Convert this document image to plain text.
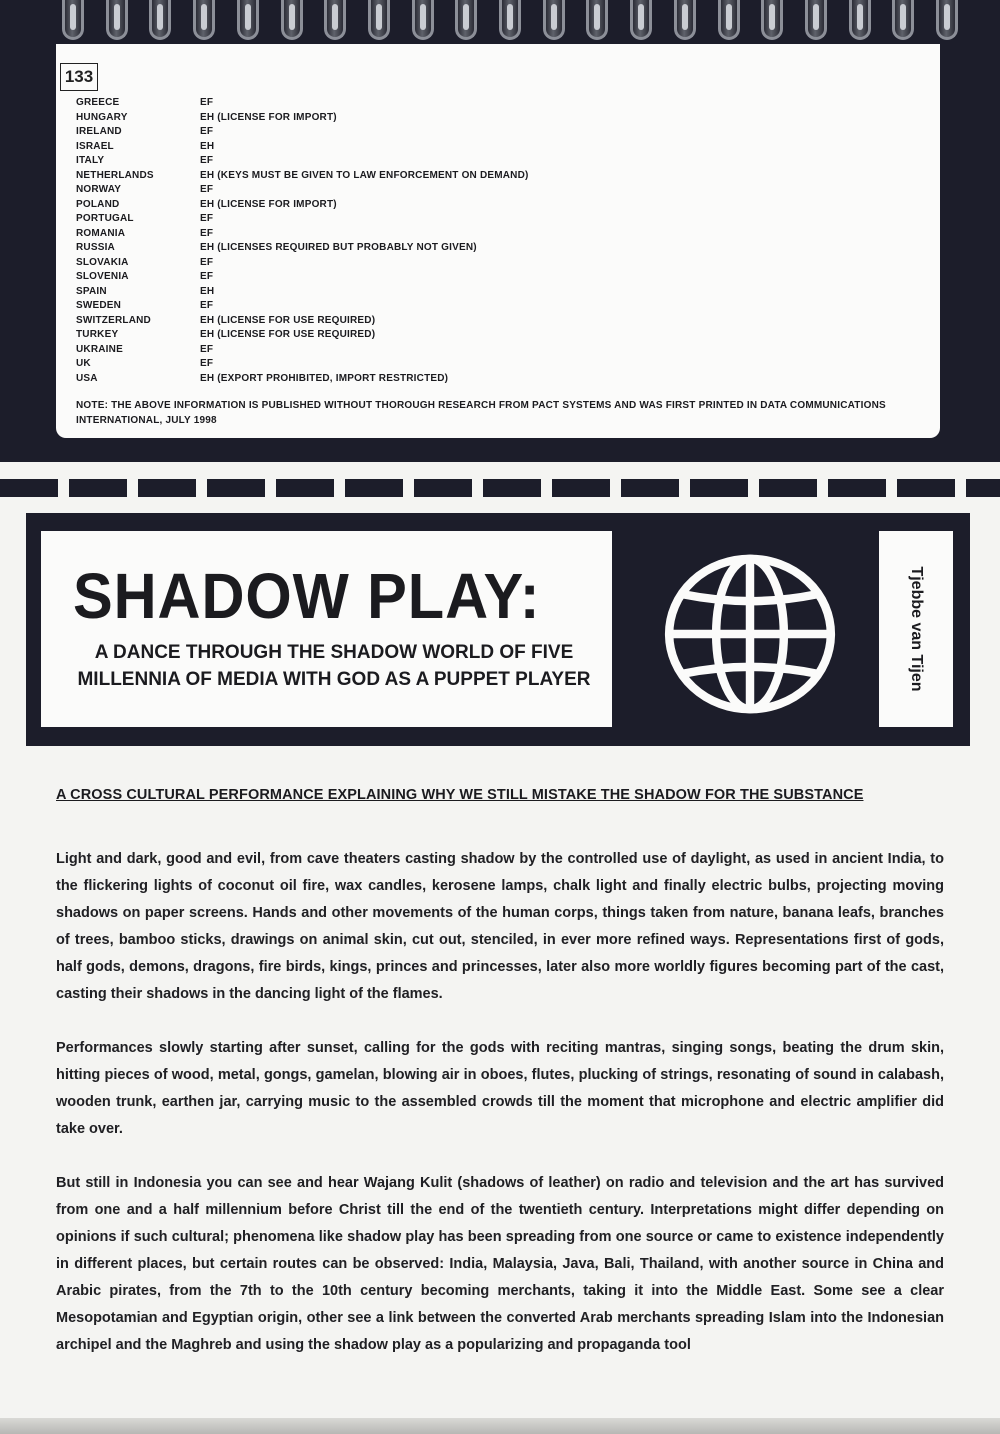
133
GREECE	EF
HUNGARY	EH (LICENSE FOR IMPORT)
IRELAND	EF
ISRAEL	EH
ITALY	EF
NETHERLANDS	EH (KEYS MUST BE GIVEN TO LAW ENFORCEMENT ON DEMAND)
NORWAY	EF
POLAND	EH (LICENSE FOR IMPORT)
PORTUGAL	EF
ROMANIA	EF
RUSSIA	EH (LICENSES REQUIRED BUT PROBABLY NOT GIVEN)
SLOVAKIA	EF
SLOVENIA	EF
SPAIN	EH
SWEDEN	EF
SWITZERLAND	EH (LICENSE FOR USE REQUIRED)
TURKEY	EH (LICENSE FOR USE REQUIRED)
UKRAINE	EF
UK	EF
USA	EH (EXPORT PROHIBITED, IMPORT RESTRICTED)
NOTE: THE ABOVE INFORMATION IS PUBLISHED WITHOUT THOROUGH RESEARCH FROM PACT SYSTEMS AND WAS FIRST PRINTED IN DATA COMMUNICATIONS INTERNATIONAL, JULY 1998
SHADOW PLAY:

A DANCE THROUGH THE SHADOW WORLD OF FIVE
MILLENNIA OF MEDIA WITH GOD AS A PUPPET PLAYER	Tjebbe van Tijen

A CROSS CULTURAL PERFORMANCE EXPLAINING WHY WE STILL MISTAKE THE SHADOW FOR THE SUBSTANCE

Light and dark, good and evil, from cave theaters casting shadow by the controlled use of daylight, as used in ancient India, to the flickering lights of coconut oil fire, wax candles, kerosene lamps, chalk light and finally electric bulbs, projecting moving shadows on paper screens. Hands and other movements of the human corps, things taken from nature, banana leafs, branches of trees, bamboo sticks, drawings on animal skin, cut out, stenciled, in ever more refined ways. Representations first of gods, half gods, demons, dragons, fire birds, kings, princes and princesses, later also more worldly figures becoming part of the cast, casting their shadows in the dancing light of the flames.

Performances slowly starting after sunset, calling for the gods with reciting mantras, singing songs, beating the drum skin, hitting pieces of wood, metal, gongs, gamelan, blowing air in oboes, flutes, plucking of strings, resonating of sound in calabash, wooden trunk, earthen jar, carrying music to the assembled crowds till the moment that microphone and electric amplifier did take over.

But still in Indonesia you can see and hear Wajang Kulit (shadows of leather) on radio and television and the art has survived from one and a half millennium before Christ till the end of the twentieth century. Interpretations might differ depending on opinions if such cultural; phenomena like shadow play has been spreading from one source or came to existence independently in different places, but certain routes can be observed: India, Malaysia, Java, Bali, Thailand, with another source in China and Arabic pirates, from the 7th to the 10th century becoming merchants, taking it into the Middle East. Some see a clear Mesopotamian and Egyptian origin, other see a link between the converted Arab merchants spreading Islam into the Indonesian archipel and the Maghreb and using the shadow play as a popularizing and propaganda tool
